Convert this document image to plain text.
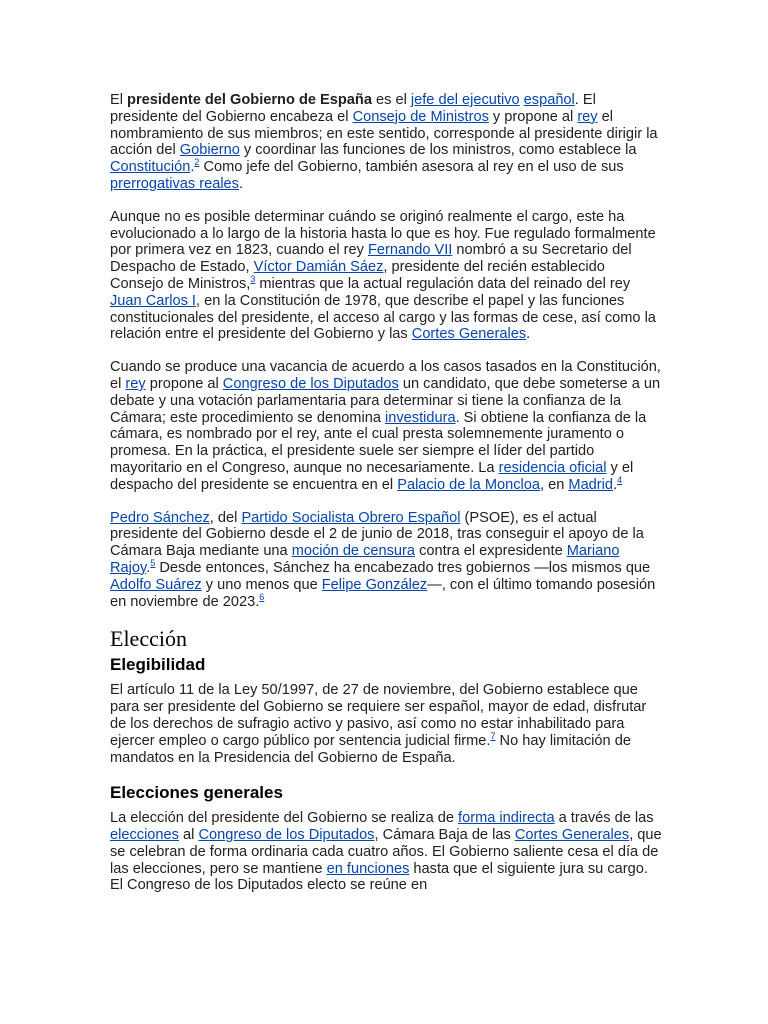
El presidente del Gobierno de España es el jefe del ejecutivo español. El presidente del Gobierno encabeza el Consejo de Ministros y propone al rey el nombramiento de sus miembros; en este sentido, corresponde al presidente dirigir la acción del Gobierno y coordinar las funciones de los ministros, como establece la Constitución.$^2$ Como jefe del Gobierno, también asesora al rey en el uso de sus prerrogativas reales.

Aunque no es posible determinar cuándo se originó realmente el cargo, este ha evolucionado a lo largo de la historia hasta lo que es hoy. Fue regulado formalmente por primera vez en 1823, cuando el rey Fernando VII nombró a su Secretario del Despacho de Estado, Víctor Damián Sáez, presidente del recién establecido Consejo de Ministros,$^3$ mientras que la actual regulación data del reinado del rey Juan Carlos I, en la Constitución de 1978, que describe el papel y las funciones constitucionales del presidente, el acceso al cargo y las formas de cese, así como la relación entre el presidente del Gobierno y las Cortes Generales.

Cuando se produce una vacancia de acuerdo a los casos tasados en la Constitución, el rey propone al Congreso de los Diputados un candidato, que debe someterse a un debate y una votación parlamentaria para determinar si tiene la confianza de la Cámara; este procedimiento se denomina investidura. Si obtiene la confianza de la cámara, es nombrado por el rey, ante el cual presta solemnemente juramento o promesa. En la práctica, el presidente suele ser siempre el líder del partido mayoritario en el Congreso, aunque no necesariamente. La residencia oficial y el despacho del presidente se encuentra en el Palacio de la Moncloa, en Madrid.$^4$

Pedro Sánchez, del Partido Socialista Obrero Español (PSOE), es el actual presidente del Gobierno desde el 2 de junio de 2018, tras conseguir el apoyo de la Cámara Baja mediante una moción de censura contra el expresidente Mariano Rajoy.$^5$ Desde entonces, Sánchez ha encabezado tres gobiernos —los mismos que Adolfo Suárez y uno menos que Felipe González—, con el último tomando posesión en noviembre de 2023.$^6$

Elección
Elegibilidad

El artículo 11 de la Ley 50/1997, de 27 de noviembre, del Gobierno establece que para ser presidente del Gobierno se requiere ser español, mayor de edad, disfrutar de los derechos de sufragio activo y pasivo, así como no estar inhabilitado para ejercer empleo o cargo público por sentencia judicial firme.$^7$ No hay limitación de mandatos en la Presidencia del Gobierno de España.

Elecciones generales

La elección del presidente del Gobierno se realiza de forma indirecta a través de las elecciones al Congreso de los Diputados, Cámara Baja de las Cortes Generales, que se celebran de forma ordinaria cada cuatro años. El Gobierno saliente cesa el día de las elecciones, pero se mantiene en funciones hasta que el siguiente jura su cargo. El Congreso de los Diputados electo se reúne en
